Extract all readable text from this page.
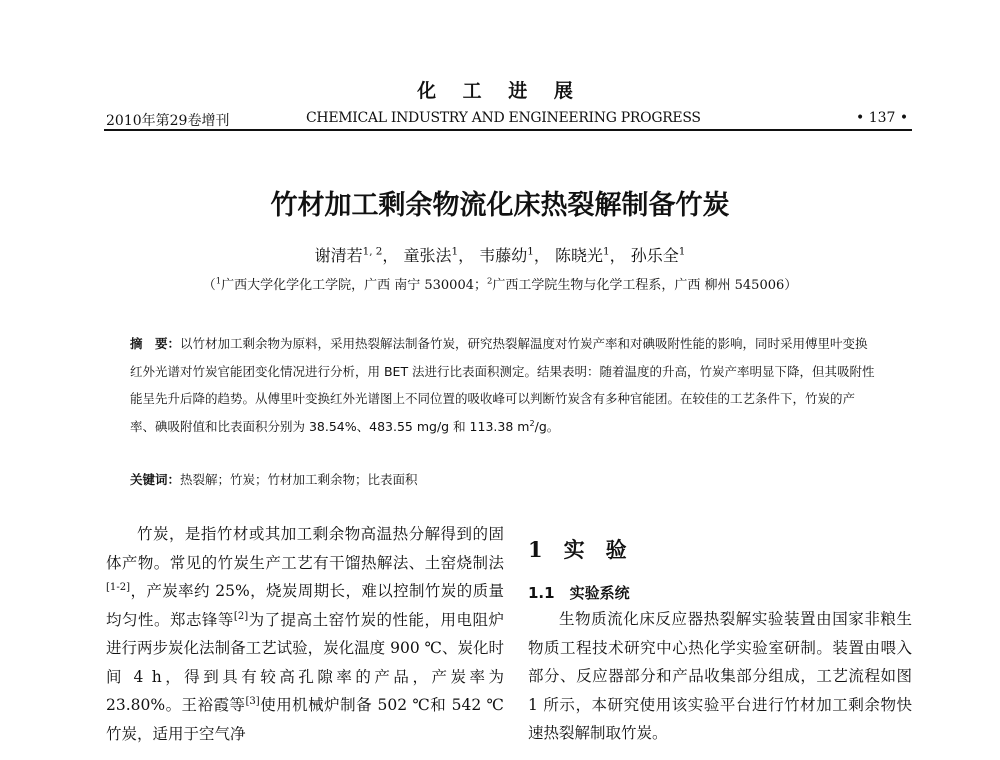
化 工 进 展
2010年第29卷增刊	CHEMICAL INDUSTRY AND ENGINEERING PROGRESS	• 137 •
竹材加工剩余物流化床热裂解制备竹炭
谢清若$^{1, 2}$， 童张法$^1$， 韦藤幼$^1$， 陈晓光$^1$， 孙乐全$^1$
（$^1$广西大学化学化工学院，广西 南宁 530004；$^2$广西工学院生物与化学工程系，广西 柳州 545006）
摘　要：以竹材加工剩余物为原料，采用热裂解法制备竹炭，研究热裂解温度对竹炭产率和对碘吸附性能的影响，同时采用傅里叶变换红外光谱对竹炭官能团变化情况进行分析，用 BET 法进行比表面积测定。结果表明：随着温度的升高，竹炭产率明显下降，但其吸附性能呈先升后降的趋势。从傅里叶变换红外光谱图上不同位置的吸收峰可以判断竹炭含有多种官能团。在较佳的工艺条件下，竹炭的产率、碘吸附值和比表面积分别为 38.54%、483.55 mg/g 和 113.38 $m^2/g$。
关键词：热裂解；竹炭；竹材加工剩余物；比表面积

竹炭，是指竹材或其加工剩余物高温热分解得到的固体产物。常见的竹炭生产工艺有干馏热解法、土窑烧制法[1-2]，产炭率约 25%，烧炭周期长，难以控制竹炭的质量均匀性。郑志锋等[2]为了提高土窑竹炭的性能，用电阻炉进行两步炭化法制备工艺试验，炭化温度 900 ℃、炭化时间 4 h，得到具有较高孔隙率的产品，产炭率为 23.80%。王裕霞等[3]使用机械炉制备 502 ℃和 542 ℃竹炭，适用于空气净

1　实　验
1.1　实验系统

生物质流化床反应器热裂解实验装置由国家非粮生物质工程技术研究中心热化学实验室研制。装置由喂入部分、反应器部分和产品收集部分组成，工艺流程如图 1 所示，本研究使用该实验平台进行竹材加工剩余物快速热裂解制取竹炭。
